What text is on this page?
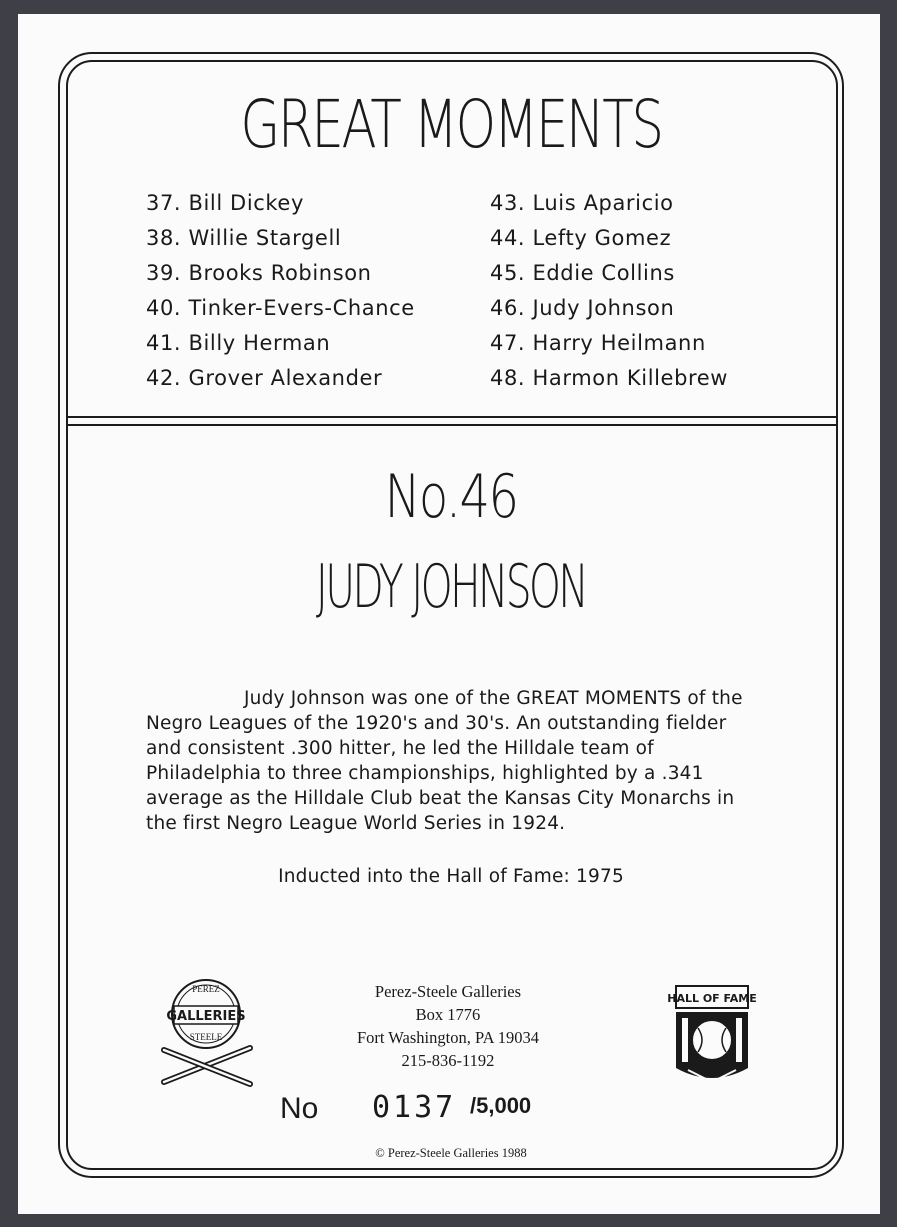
GREAT MOMENTS
37. Bill Dickey
38. Willie Stargell
39. Brooks Robinson
40. Tinker-Evers-Chance
41. Billy Herman
42. Grover Alexander
43. Luis Aparicio
44. Lefty Gomez
45. Eddie Collins
46. Judy Johnson
47. Harry Heilmann
48. Harmon Killebrew
No.46
JUDY JOHNSON

Judy Johnson was one of the GREAT MOMENTS of the Negro Leagues of the 1920's and 30's. An outstanding fielder and consistent .300 hitter, he led the Hilldale team of Philadelphia to three championships, highlighted by a .341 average as the Hilldale Club beat the Kansas City Monarchs in the first Negro League World Series in 1924.

Inducted into the Hall of Fame: 1975
PEREZ
GALLERIES
STEELE
Perez-Steele Galleries
Box 1776
Fort Washington, PA 19034
215-836-1192
HALL OF FAME
No 0137 /5,000
© Perez-Steele Galleries 1988
